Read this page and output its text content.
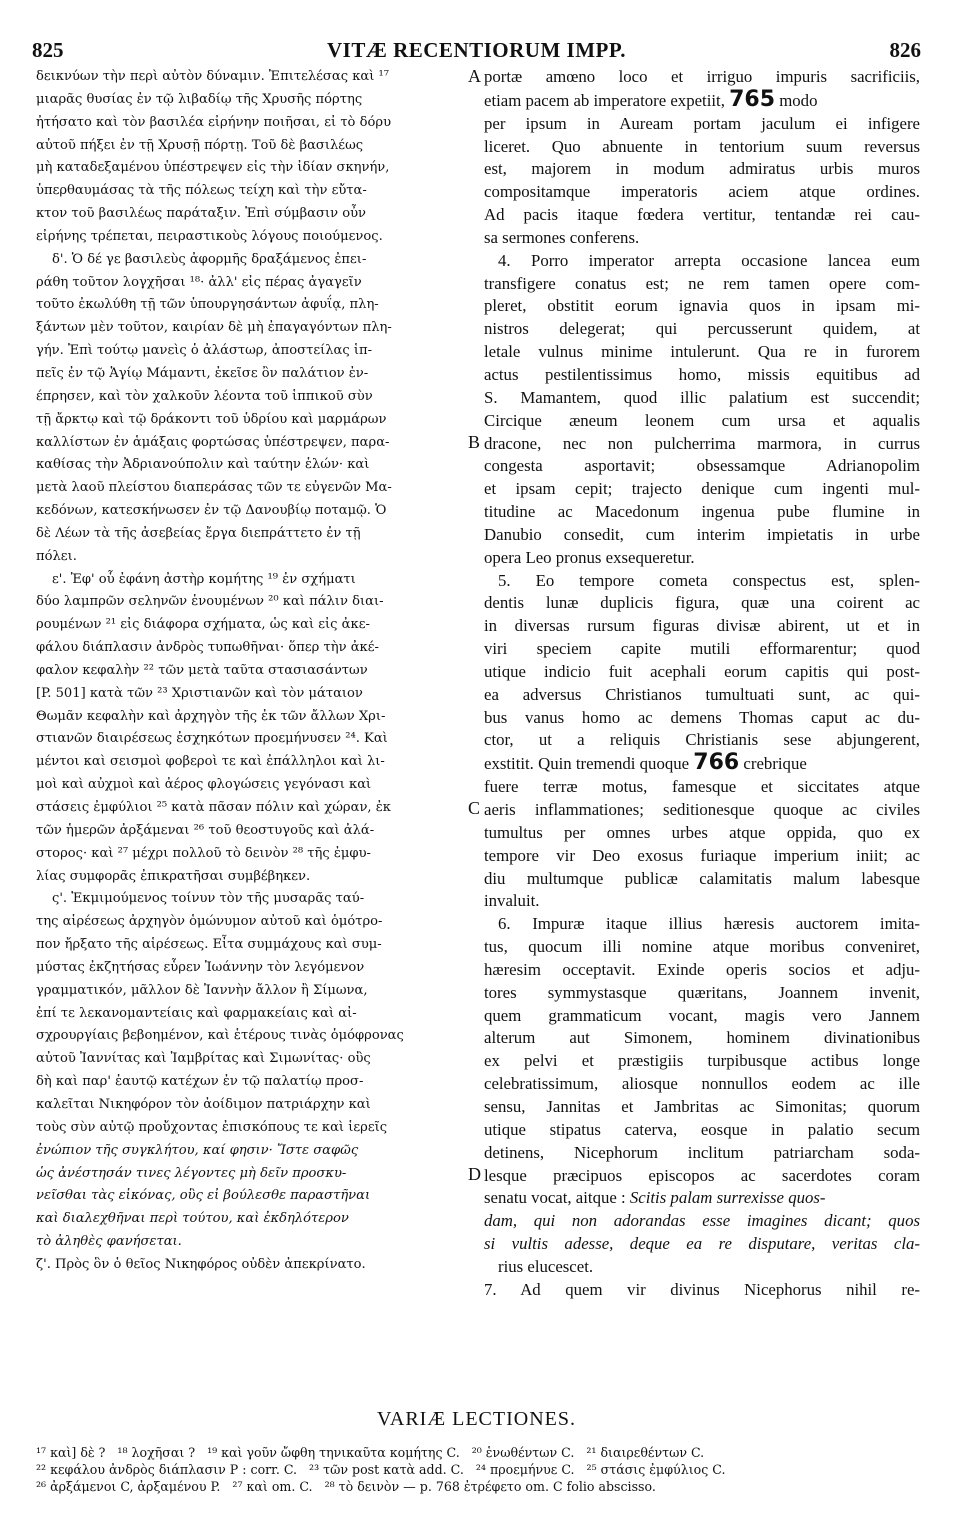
825	VITÆ RECENTIORUM IMPP.	826
δεικνύων τὴν περὶ αὐτὸν δύναμιν. Ἐπιτελέσας καὶ ¹⁷
μιαρᾶς θυσίας ἐν τῷ λιβαδίῳ τῆς Χρυσῆς πόρτης
ἠτήσατο καὶ τὸν βασιλέα εἰρήνην ποιῆσαι, εἰ τὸ δόρυ
αὐτοῦ πήξει ἐν τῇ Χρυσῇ πόρτῃ. Τοῦ δὲ βασιλέως
μὴ καταδεξαμένου ὑπέστρεψεν εἰς τὴν ἰδίαν σκηνήν,
ὑπερθαυμάσας τὰ τῆς πόλεως τείχη καὶ τὴν εὔτα-
κτον τοῦ βασιλέως παράταξιν. Ἐπὶ σύμβασιν οὖν
εἰρήνης τρέπεται, πειραστικοὺς λόγους ποιούμενος.
δ'. Ὁ δέ γε βασιλεὺς ἀφορμῆς δραξάμενος ἐπει-
ράθη τοῦτον λογχῆσαι ¹⁸· ἀλλ' εἰς πέρας ἀγαγεῖν
τοῦτο ἐκωλύθη τῇ τῶν ὑπουργησάντων ἀφυΐᾳ, πλη-
ξάντων μὲν τοῦτον, καιρίαν δὲ μὴ ἐπαγαγόντων πλη-
γήν. Ἐπὶ τούτῳ μανεὶς ὁ ἀλάστωρ, ἀποστείλας ἱπ-
πεῖς ἐν τῷ Ἁγίῳ Μάμαντι, ἐκεῖσε ὂν παλάτιον ἐν-
έπρησεν, καὶ τὸν χαλκοῦν λέοντα τοῦ ἱππικοῦ σὺν
τῇ ἄρκτῳ καὶ τῷ δράκοντι τοῦ ὑδρίου καὶ μαρμάρων
καλλίστων ἐν ἁμάξαις φορτώσας ὑπέστρεψεν, παρα-
καθίσας τὴν Ἀδριανούπολιν καὶ ταύτην ἑλών· καὶ
μετὰ λαοῦ πλείστου διαπεράσας τῶν τε εὐγενῶν Μα-
κεδόνων, κατεσκήνωσεν ἐν τῷ Δανουβίῳ ποταμῷ. Ὁ
δὲ Λέων τὰ τῆς ἀσεβείας ἔργα διεπράττετο ἐν τῇ
πόλει.
ε'. Ἐφ' οὗ ἐφάνη ἀστὴρ κομήτης ¹⁹ ἐν σχήματι
δύο λαμπρῶν σεληνῶν ἑνουμένων ²⁰ καὶ πάλιν διαι-
ρουμένων ²¹ εἰς διάφορα σχήματα, ὡς καὶ εἰς ἀκε-
φάλου διάπλασιν ἀνδρὸς τυπωθῆναι· ὅπερ τὴν ἀκέ-
φαλον κεφαλὴν ²² τῶν μετὰ ταῦτα στασιασάντων
[P. 501] κατὰ τῶν ²³ Χριστιανῶν καὶ τὸν μάταιον
Θωμᾶν κεφαλὴν καὶ ἀρχηγὸν τῆς ἐκ τῶν ἄλλων Χρι-
στιανῶν διαιρέσεως ἐσχηκότων προεμήνυσεν ²⁴. Καὶ
μέντοι καὶ σεισμοὶ φοβεροὶ τε καὶ ἐπάλληλοι καὶ λι-
μοὶ καὶ αὐχμοὶ καὶ ἀέρος φλογώσεις γεγόνασι καὶ
στάσεις ἐμφύλιοι ²⁵ κατὰ πᾶσαν πόλιν καὶ χώραν, ἐκ
τῶν ἡμερῶν ἀρξάμεναι ²⁶ τοῦ θεοστυγοῦς καὶ ἀλά-
στορος· καὶ ²⁷ μέχρι πολλοῦ τὸ δεινὸν ²⁸ τῆς ἐμφυ-
λίας συμφορᾶς ἐπικρατῆσαι συμβέβηκεν.
ς'. Ἐκμιμούμενος τοίνυν τὸν τῆς μυσαρᾶς ταύ-
της αἱρέσεως ἀρχηγὸν ὁμώνυμον αὐτοῦ καὶ ὁμότρο-
πον ἤρξατο τῆς αἱρέσεως. Εἶτα συμμάχους καὶ συμ-
μύστας ἐκζητήσας εὗρεν Ἰωάννην τὸν λεγόμενον
γραμματικόν, μᾶλλον δὲ Ἰαννὴν ἄλλον ἢ Σίμωνα,
ἐπί τε λεκανομαντείαις καὶ φαρμακείαις καὶ αἰ-
σχρουργίαις βεβοημένον, καὶ ἑτέρους τινὰς ὁμόφρονας
αὐτοῦ Ἰαννίτας καὶ Ἰαμβρίτας καὶ Σιμωνίτας· οὓς
δὴ καὶ παρ' ἑαυτῷ κατέχων ἐν τῷ παλατίῳ προσ-
καλεῖται Νικηφόρον τὸν ἀοίδιμον πατριάρχην καὶ
τοὺς σὺν αὐτῷ προὔχοντας ἐπισκόπους τε καὶ ἱερεῖς
ἐνώπιον τῆς συγκλήτου, καί φησιν· Ἴστε σαφῶς
ὡς ἀνέστησάν τινες λέγοντες μὴ δεῖν προσκυ-
νεῖσθαι τὰς εἰκόνας, οὓς εἰ βούλεσθε παραστῆναι
καὶ διαλεχθῆναι περὶ τούτου, καὶ ἐκδηλότερον
τὸ ἀληθὲς φανήσεται.
ζ'. Πρὸς ὃν ὁ θεῖος Νικηφόρος οὐδὲν ἀπεκρίνατο.
portæ amœno loco et irriguo impuris sacrificiis,
etiam pacem ab imperatore expetiit, 765 modo
per ipsum in Auream portam jaculum ei infigere
liceret. Quo abnuente in tentorium suum reversus
est, majorem in modum admiratus urbis muros
compositamque imperatoris aciem atque ordines.
Ad pacis itaque fœdera vertitur, tentandæ rei cau-
sa sermones conferens.
4. Porro imperator arrepta occasione lancea eum
transfigere conatus est; ne rem tamen opere com-
pleret, obstitit eorum ignavia quos in ipsam mi-
nistros delegerat; qui percusserunt quidem, at
letale vulnus minime intulerunt. Qua re in furorem
actus pestilentissimus homo, missis equitibus ad
S. Mamantem, quod illic palatium est succendit;
Circique æneum leonem cum ursa et aqualis
dracone, nec non pulcherrima marmora, in currus
congesta asportavit; obsessamque Adrianopolim
et ipsam cepit; trajecto denique cum ingenti mul-
titudine ac Macedonum ingenua pube flumine in
Danubio consedit, cum interim impietatis in urbe
opera Leo pronus exsequeretur.
5. Eo tempore cometa conspectus est, splen-
dentis lunæ duplicis figura, quæ una coirent ac
in diversas rursum figuras divisæ abirent, ut et in
viri speciem capite mutili efformarentur; quod
utique indicio fuit acephali eorum capitis qui post-
ea adversus Christianos tumultuati sunt, ac qui-
bus vanus homo ac demens Thomas caput ac du-
ctor, ut a reliquis Christianis sese abjungerent,
exstitit. Quin tremendi quoque 766 crebrique
fuere terræ motus, famesque et siccitates atque
aeris inflammationes; seditionesque quoque ac civiles
tumultus per omnes urbes atque oppida, quo ex
tempore vir Deo exosus furiaque imperium iniit; ac
diu multumque publicæ calamitatis malum labesque
invaluit.
6. Impuræ itaque illius hæresis auctorem imita-
tus, quocum illi nomine atque moribus conveniret,
hæresim occeptavit. Exinde operis socios et adju-
tores symmystasque quæritans, Joannem invenit,
quem grammaticum vocant, magis vero Jannem
alterum aut Simonem, hominem divinationibus
ex pelvi et præstigiis turpibusque actibus longe
celebratissimum, aliosque nonnullos eodem ac ille
sensu, Jannitas et Jambritas ac Simonitas; quorum
utique stipatus caterva, eosque in palatio secum
detinens, Nicephorum inclitum patriarcham soda-
lesque præcipuos episcopos ac sacerdotes coram
senatu vocat, aitque : Scitis palam surrexisse quos-
dam, qui non adorandas esse imagines dicant; quos
si vultis adesse, deque ea re disputare, veritas cla-
rius elucescet.
7. Ad quem vir divinus Nicephorus nihil re-
A
B
C
D
VARIÆ LECTIONES.
¹⁷ καὶ] δὲ ?   ¹⁸ λοχῆσαι ?   ¹⁹ καὶ γοῦν ὤφθη τηνικαῦτα κομήτης C.   ²⁰ ἑνωθέντων C.   ²¹ διαιρεθέντων C.
²² κεφάλου ἀνδρὸς διάπλασιν P : corr. C.   ²³ τῶν post κατὰ add. C.   ²⁴ προεμήνυε C.   ²⁵ στάσις ἐμφύλιος C.
²⁶ ἀρξάμενοι C, ἀρξαμένου P.   ²⁷ καὶ om. C.   ²⁸ τὸ δεινὸν — p. 768 ἐτρέφετο om. C folio abscisso.
